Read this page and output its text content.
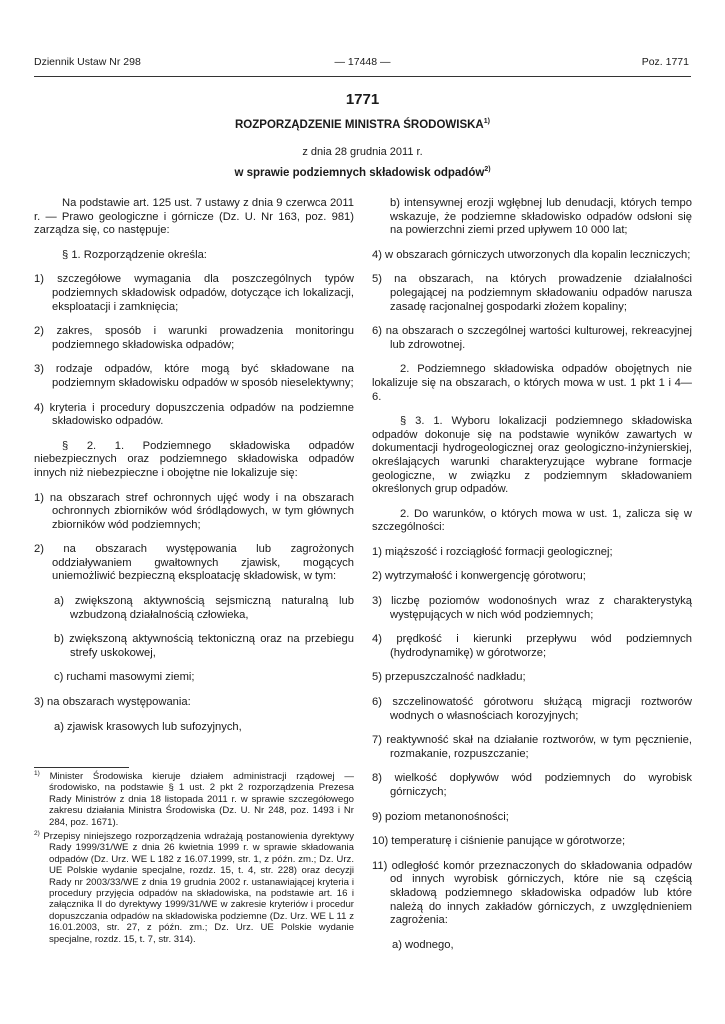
Dziennik Ustaw Nr 298	— 17448 —	Poz. 1771
1771
ROZPORZĄDZENIE MINISTRA ŚRODOWISKA$^{1)}$
z dnia 28 grudnia 2011 r.
w sprawie podziemnych składowisk odpadów$^{2)}$

Na podstawie art. 125 ust. 7 ustawy z dnia 9 czerwca 2011 r. — Prawo geologiczne i górnicze (Dz. U. Nr 163, poz. 981) zarządza się, co następuje:

§ 1. Rozporządzenie określa:

1) szczegółowe wymagania dla poszczególnych typów podziemnych składowisk odpadów, dotyczące ich lokalizacji, eksploatacji i zamknięcia;

2) zakres, sposób i warunki prowadzenia monitoringu podziemnego składowiska odpadów;

3) rodzaje odpadów, które mogą być składowane na podziemnym składowisku odpadów w sposób nieselektywny;

4) kryteria i procedury dopuszczenia odpadów na podziemne składowisko odpadów.

§ 2. 1. Podziemnego składowiska odpadów niebezpiecznych oraz podziemnego składowiska odpadów innych niż niebezpieczne i obojętne nie lokalizuje się:

1) na obszarach stref ochronnych ujęć wody i na obszarach ochronnych zbiorników wód śródlądowych, w tym głównych zbiorników wód podziemnych;

2) na obszarach występowania lub zagrożonych oddziaływaniem gwałtownych zjawisk, mogących uniemożliwić bezpieczną eksploatację składowisk, w tym:

a) zwiększoną aktywnością sejsmiczną naturalną lub wzbudzoną działalnością człowieka,

b) zwiększoną aktywnością tektoniczną oraz na przebiegu strefy uskokowej,

c) ruchami masowymi ziemi;

3) na obszarach występowania:

a) zjawisk krasowych lub sufozyjnych,

$^{1)}$ Minister Środowiska kieruje działem administracji rządowej — środowisko, na podstawie § 1 ust. 2 pkt 2 rozporządzenia Prezesa Rady Ministrów z dnia 18 listopada 2011 r. w sprawie szczegółowego zakresu działania Ministra Środowiska (Dz. U. Nr 248, poz. 1493 i Nr 284, poz. 1671).

$^{2)}$ Przepisy niniejszego rozporządzenia wdrażają postanowienia dyrektywy Rady 1999/31/WE z dnia 26 kwietnia 1999 r. w sprawie składowania odpadów (Dz. Urz. WE L 182 z 16.07.1999, str. 1, z późn. zm.; Dz. Urz. UE Polskie wydanie specjalne, rozdz. 15, t. 4, str. 228) oraz decyzji Rady nr 2003/33/WE z dnia 19 grudnia 2002 r. ustanawiającej kryteria i procedury przyjęcia odpadów na składowiska, na podstawie art. 16 i załącznika II do dyrektywy 1999/31/WE w zakresie kryteriów i procedur dopuszczania odpadów na składowiska podziemne (Dz. Urz. WE L 11 z 16.01.2003, str. 27, z późn. zm.; Dz. Urz. UE Polskie wydanie specjalne, rozdz. 15, t. 7, str. 314).

b) intensywnej erozji wgłębnej lub denudacji, których tempo wskazuje, że podziemne składowisko odpadów odsłoni się na powierzchni ziemi przed upływem 10 000 lat;

4) w obszarach górniczych utworzonych dla kopalin leczniczych;

5) na obszarach, na których prowadzenie działalności polegającej na podziemnym składowaniu odpadów narusza zasadę racjonalnej gospodarki złożem kopaliny;

6) na obszarach o szczególnej wartości kulturowej, rekreacyjnej lub zdrowotnej.

2. Podziemnego składowiska odpadów obojętnych nie lokalizuje się na obszarach, o których mowa w ust. 1 pkt 1 i 4—6.

§ 3. 1. Wyboru lokalizacji podziemnego składowiska odpadów dokonuje się na podstawie wyników zawartych w dokumentacji hydrogeologicznej oraz geologiczno-inżynierskiej, określających warunki charakteryzujące wybrane formacje geologiczne, w związku z podziemnym składowaniem określonych grup odpadów.

2. Do warunków, o których mowa w ust. 1, zalicza się w szczególności:

1) miąższość i rozciągłość formacji geologicznej;

2) wytrzymałość i konwergencję górotworu;

3) liczbę poziomów wodonośnych wraz z charakterystyką występujących w nich wód podziemnych;

4) prędkość i kierunki przepływu wód podziemnych (hydrodynamikę) w górotworze;

5) przepuszczalność nadkładu;

6) szczelinowatość górotworu służącą migracji roztworów wodnych o własnościach korozyjnych;

7) reaktywność skał na działanie roztworów, w tym pęcznienie, rozmakanie, rozpuszczanie;

8) wielkość dopływów wód podziemnych do wyrobisk górniczych;

9) poziom metanonośności;

10) temperaturę i ciśnienie panujące w górotworze;

11) odległość komór przeznaczonych do składowania odpadów od innych wyrobisk górniczych, które nie są częścią składową podziemnego składowiska odpadów lub które należą do innych zakładów górniczych, z uwzględnieniem zagrożenia:

a) wodnego,
